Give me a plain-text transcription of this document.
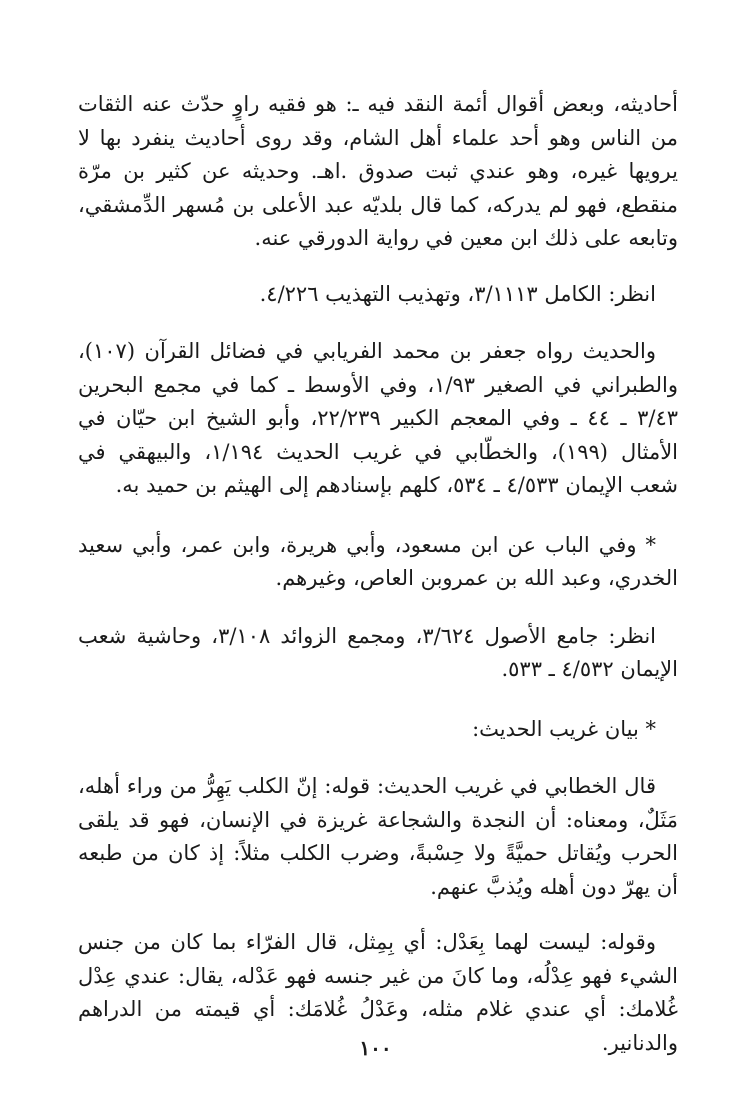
أحاديثه، وبعض أقوال أئمة النقد فيه ـ: هو فقيه راوٍ حدّث عنه الثقات من الناس وهو أحد علماء أهل الشام، وقد روى أحاديث ينفرد بها لا يرويها غيره، وهو عندي ثبت صدوق .اهـ. وحديثه عن كثير بن مرّة منقطع، فهو لم يدركه، كما قال بلديّه عبد الأعلى بن مُسهر الدِّمشقي، وتابعه على ذلك ابن معين في رواية الدورقي عنه.

انظر: الكامل ٣/١١١٣، وتهذيب التهذيب ٤/٢٢٦.

والحديث رواه جعفر بن محمد الفريابي في فضائل القرآن (١٠٧)، والطبراني في الصغير ١/٩٣، وفي الأوسط ـ كما في مجمع البحرين ٣/٤٣ ـ ٤٤ ـ وفي المعجم الكبير ٢٢/٢٣٩، وأبو الشيخ ابن حيّان في الأمثال (١٩٩)، والخطّابي في غريب الحديث ١/١٩٤، والبيهقي في شعب الإيمان ٤/٥٣٣ ـ ٥٣٤، كلهم بإسنادهم إلى الهيثم بن حميد به.

* وفي الباب عن ابن مسعود، وأبي هريرة، وابن عمر، وأبي سعيد الخدري، وعبد الله بن عمروبن العاص، وغيرهم.

انظر: جامع الأصول ٣/٦٢٤، ومجمع الزوائد ٣/١٠٨، وحاشية شعب الإيمان ٤/٥٣٢ ـ ٥٣٣.

* بيان غريب الحديث:

قال الخطابي في غريب الحديث: قوله: إنّ الكلب يَهِرُّ من وراء أهله، مَثَلٌ، ومعناه: أن النجدة والشجاعة غريزة في الإنسان، فهو قد يلقى الحرب ويُقاتل حميَّةً ولا حِسْبةً، وضرب الكلب مثلاً: إذ كان من طبعه أن يهرّ دون أهله ويُذبَّ عنهم.

وقوله: ليست لهما بِعَدْل: أي بِمِثل، قال الفرّاء بما كان من جنس الشيء فهو عِدْلُه، وما كانَ من غير جنسه فهو عَدْله، يقال: عندي عِدْل غُلامك: أي عندي غلام مثله، وعَدْلُ غُلامَك: أي قيمته من الدراهم والدنانير.

١٠٠
